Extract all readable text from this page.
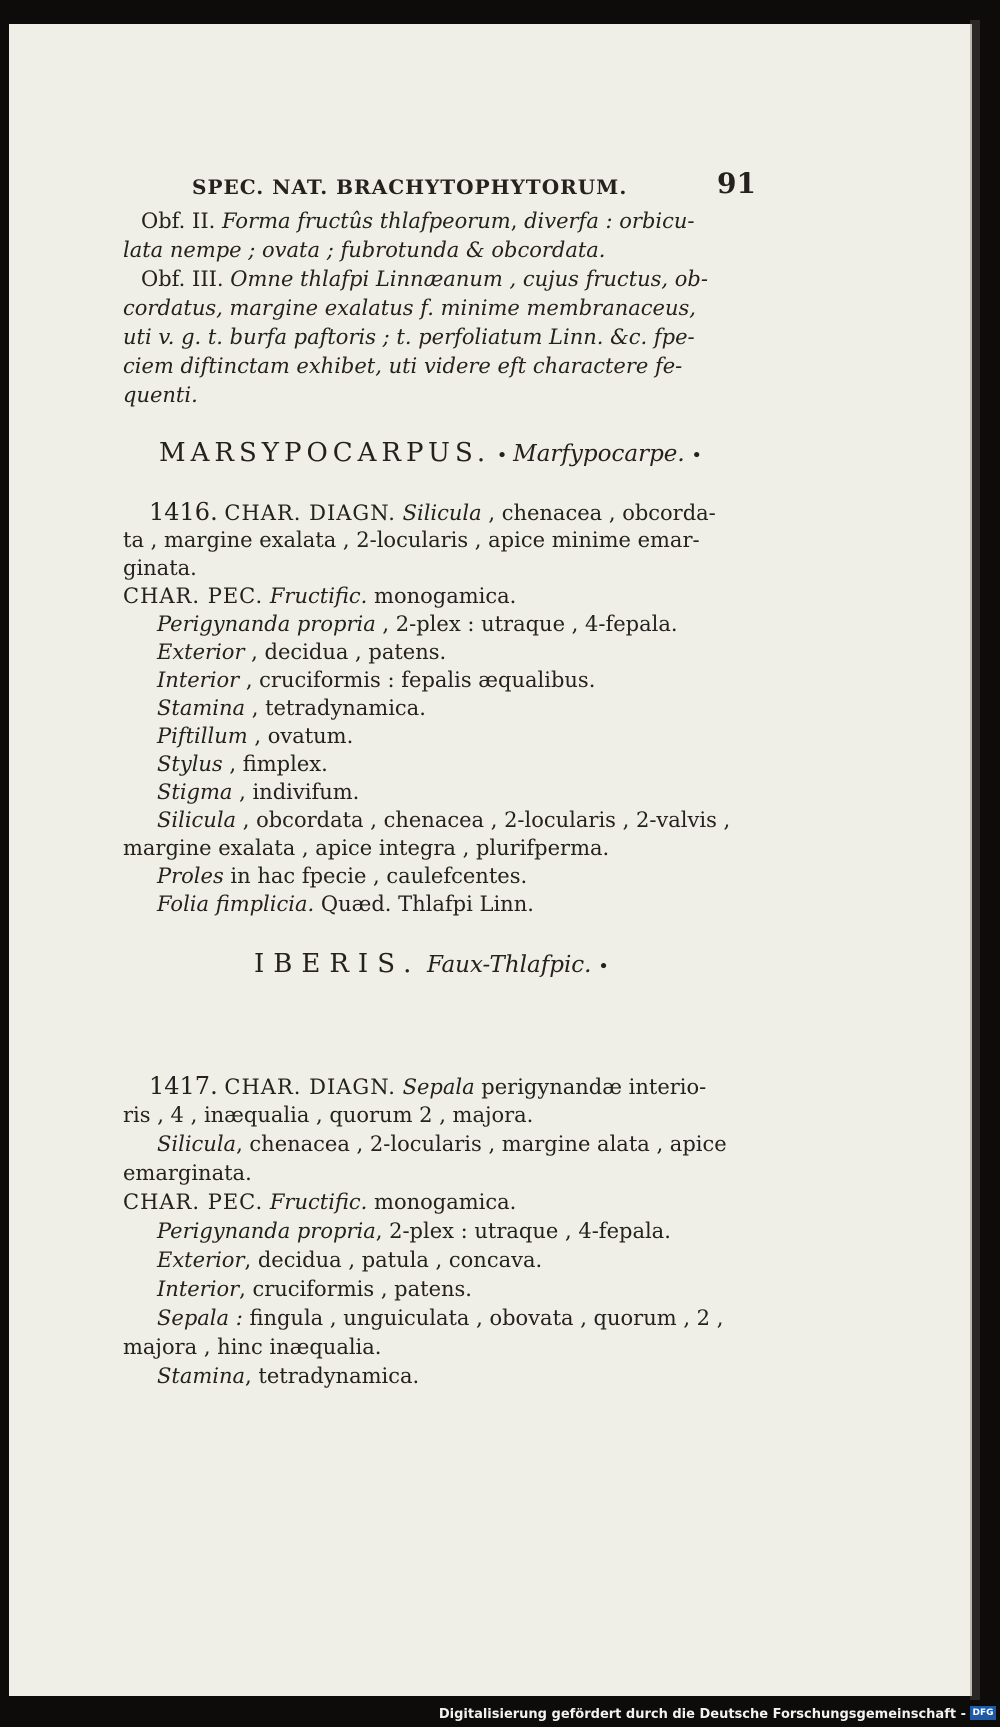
SPEC. NAT. BRACHYTOPHYTORUM.	91
Obf. II. Forma fructûs thlafpeorum, diverfa : orbicu-
lata nempe ; ovata ; fubrotunda & obcordata.
Obf. III. Omne thlafpi Linnæanum , cujus fructus, ob-
cordatus, margine exalatus f. minime membranaceus,
uti v. g. t. burfa paftoris ; t. perfoliatum Linn. &c. fpe-
ciem diftinctam exhibet, uti videre eft charactere fe-
quenti.
MARSYPOCARPUS. • Marfypocarpe. •
1416. CHAR. DIAGN. Silicula , chenacea , obcorda-
ta , margine exalata , 2-locularis , apice minime emar-
ginata.
CHAR. PEC. Fructific. monogamica.
Perigynanda propria , 2-plex : utraque , 4-fepala.
Exterior , decidua , patens.
Interior , cruciformis : fepalis æqualibus.
Stamina , tetradynamica.
Piftillum , ovatum.
Stylus , fimplex.
Stigma , indivifum.
Silicula , obcordata , chenacea , 2-locularis , 2-valvis ,
margine exalata , apice integra , plurifperma.
Proles in hac fpecie , caulefcentes.
Folia fimplicia. Quæd. Thlafpi Linn.
IBERIS. Faux-Thlafpic. •
1417. CHAR. DIAGN. Sepala perigynandæ interio-
ris , 4 , inæqualia , quorum 2 , majora.
Silicula, chenacea , 2-locularis , margine alata , apice
emarginata.
CHAR. PEC. Fructific. monogamica.
Perigynanda propria, 2-plex : utraque , 4-fepala.
Exterior, decidua , patula , concava.
Interior, cruciformis , patens.
Sepala : fingula , unguiculata , obovata , quorum , 2 ,
majora , hinc inæqualia.
Stamina, tetradynamica.
Digitalisierung gefördert durch die Deutsche Forschungsgemeinschaft - DFG
